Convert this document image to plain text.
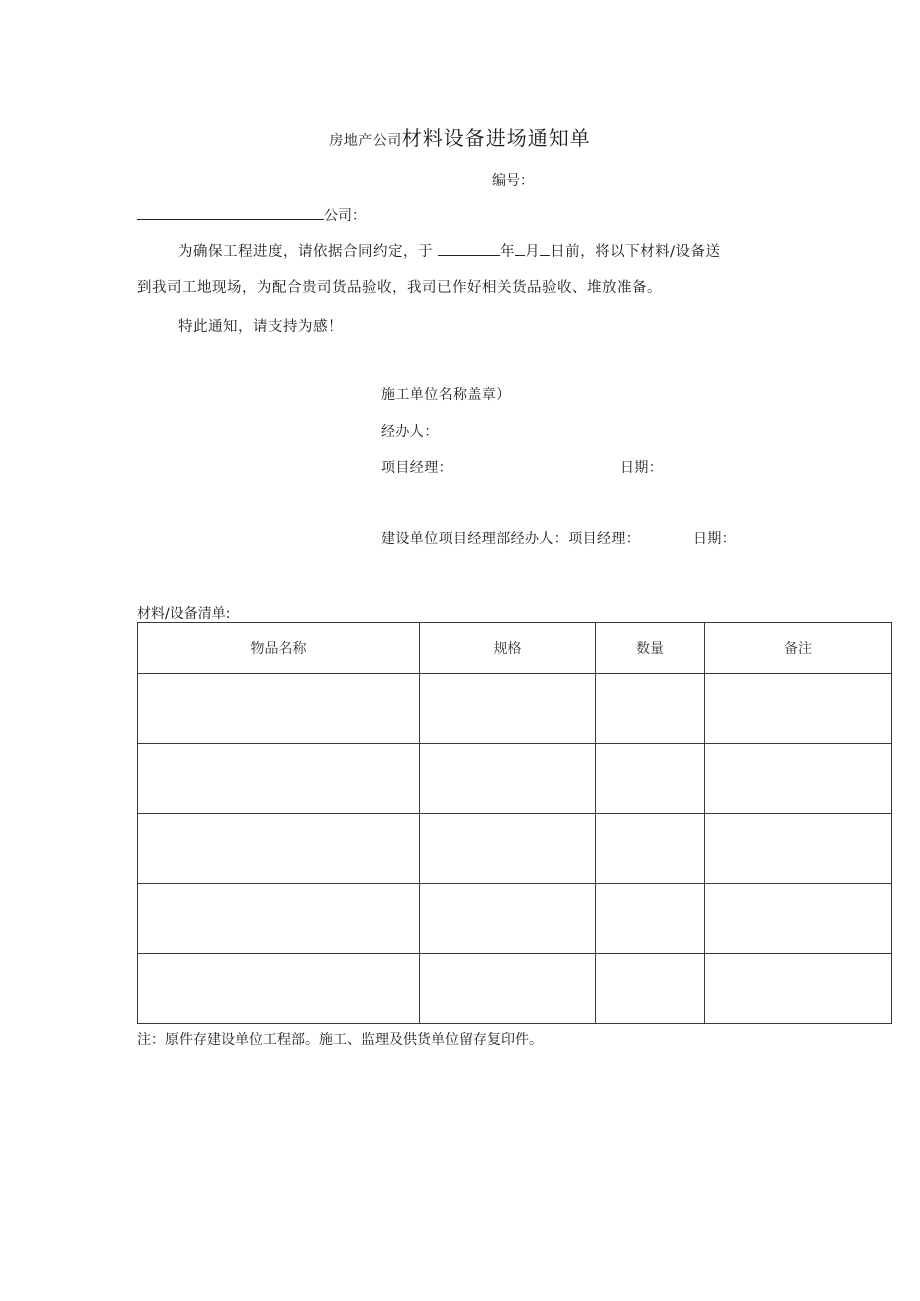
房地产公司材料设备进场通知单
编号：
公司：
为确保工程进度，请依据合同约定，于	年 月 日前，将以下材料/设备送
到我司工地现场，为配合贵司货品验收，我司已作好相关货品验收、堆放准备。
特此通知，请支持为感！
施工单位名称盖章）
经办人：
项目经理：	日期：
建设单位项目经理部经办人：项目经理：	日期：
材料/设备清单:
物品名称	规格	数量	备注

注：原件存建设单位工程部。施工、监理及供货单位留存复印件。
